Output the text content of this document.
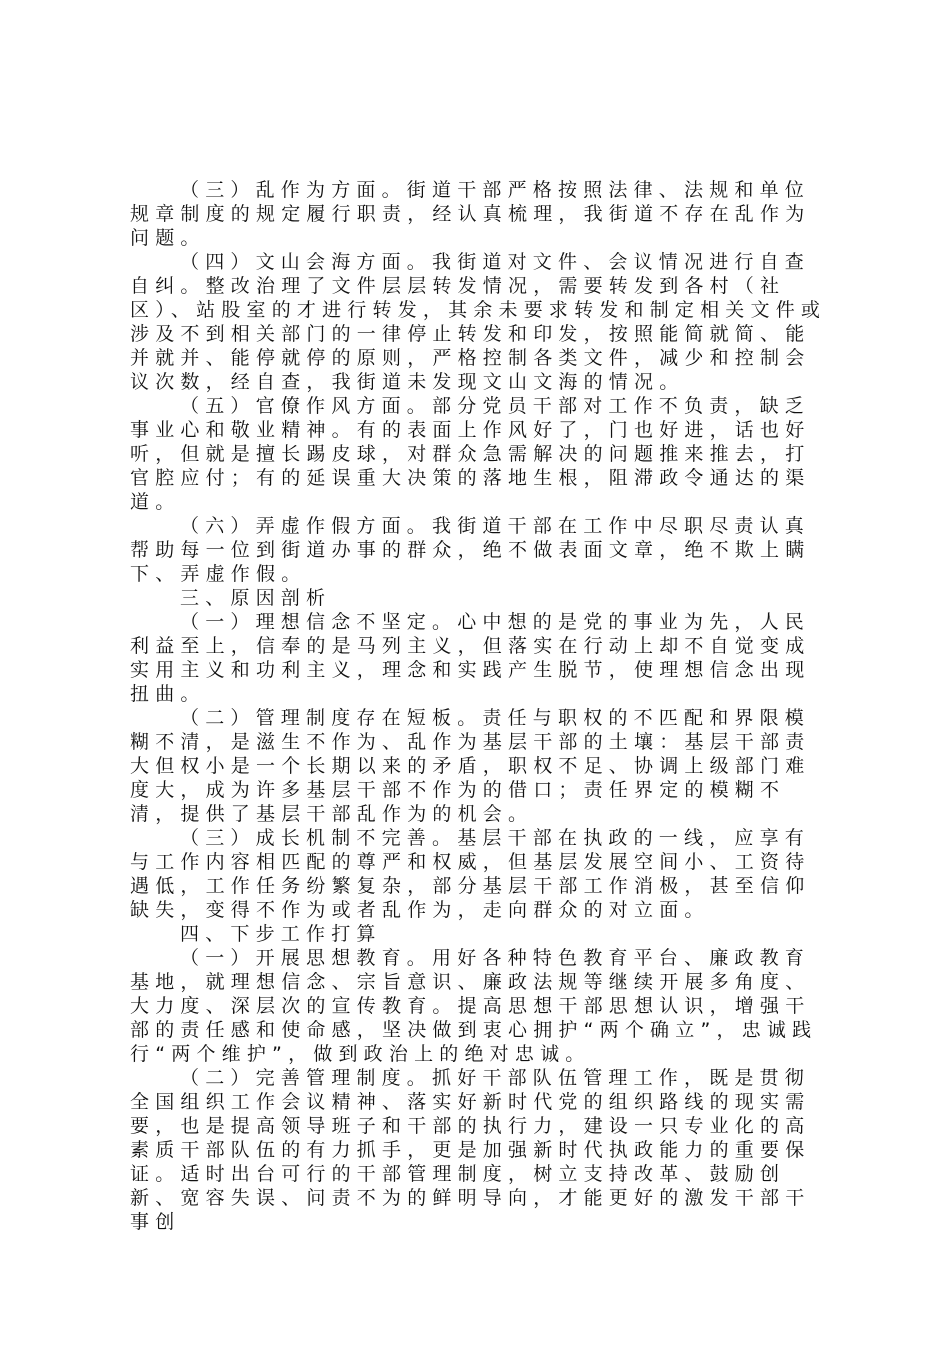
（三）乱作为方面。街道干部严格按照法律、法规和单位规章制度的规定履行职责，经认真梳理，我街道不存在乱作为问题。

（四）文山会海方面。我街道对文件、会议情况进行自查自纠。整改治理了文件层层转发情况，需要转发到各村（社区）、站股室的才进行转发，其余未要求转发和制定相关文件或涉及不到相关部门的一律停止转发和印发，按照能简就简、能并就并、能停就停的原则，严格控制各类文件，减少和控制会议次数，经自查，我街道未发现文山文海的情况。

（五）官僚作风方面。部分党员干部对工作不负责，缺乏事业心和敬业精神。有的表面上作风好了，门也好进，话也好听，但就是擅长踢皮球，对群众急需解决的问题推来推去，打官腔应付；有的延误重大决策的落地生根，阻滞政令通达的渠道。

（六）弄虚作假方面。我街道干部在工作中尽职尽责认真帮助每一位到街道办事的群众，绝不做表面文章，绝不欺上瞒下、弄虚作假。

三、原因剖析

（一）理想信念不坚定。心中想的是党的事业为先，人民利益至上，信奉的是马列主义，但落实在行动上却不自觉变成实用主义和功利主义，理念和实践产生脱节，使理想信念出现扭曲。

（二）管理制度存在短板。责任与职权的不匹配和界限模糊不清，是滋生不作为、乱作为基层干部的土壤：基层干部责大但权小是一个长期以来的矛盾，职权不足、协调上级部门难度大，成为许多基层干部不作为的借口；责任界定的模糊不清，提供了基层干部乱作为的机会。

（三）成长机制不完善。基层干部在执政的一线，应享有与工作内容相匹配的尊严和权威，但基层发展空间小、工资待遇低，工作任务纷繁复杂，部分基层干部工作消极，甚至信仰缺失，变得不作为或者乱作为，走向群众的对立面。

四、下步工作打算

（一）开展思想教育。用好各种特色教育平台、廉政教育基地，就理想信念、宗旨意识、廉政法规等继续开展多角度、大力度、深层次的宣传教育。提高思想干部思想认识，增强干部的责任感和使命感，坚决做到衷心拥护“两个确立”，忠诚践行“两个维护”，做到政治上的绝对忠诚。

（二）完善管理制度。抓好干部队伍管理工作，既是贯彻全国组织工作会议精神、落实好新时代党的组织路线的现实需要，也是提高领导班子和干部的执行力，建设一只专业化的高素质干部队伍的有力抓手，更是加强新时代执政能力的重要保证。适时出台可行的干部管理制度，树立支持改革、鼓励创新、宽容失误、问责不为的鲜明导向，才能更好的激发干部干事创
